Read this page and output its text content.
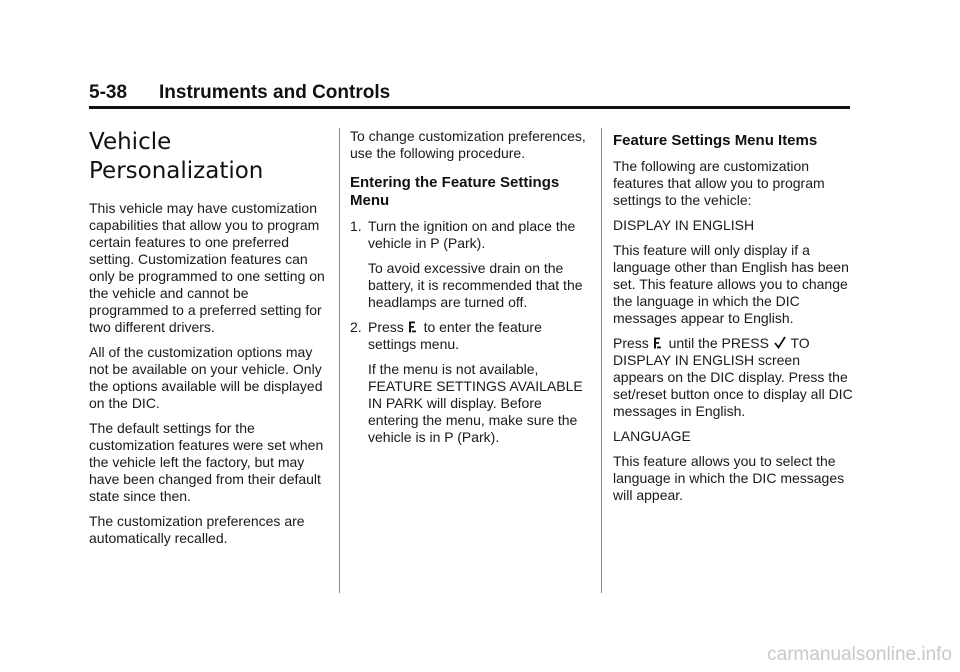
5-38 Instruments and Controls
Vehicle
Personalization

This vehicle may have customization capabilities that allow you to program certain features to one preferred setting. Customization features can only be programmed to one setting on the vehicle and cannot be programmed to a preferred setting for two different drivers.

All of the customization options may not be available on your vehicle. Only the options available will be displayed on the DIC.

The default settings for the customization features were set when the vehicle left the factory, but may have been changed from their default state since then.

The customization preferences are automatically recalled.

To change customization preferences, use the following procedure.

Entering the Feature Settings Menu
1. Turn the ignition on and place the vehicle in P (Park).

To avoid excessive drain on the battery, it is recommended that the headlamps are turned off.

2. Press to enter the feature settings menu.

If the menu is not available, FEATURE SETTINGS AVAILABLE IN PARK will display. Before entering the menu, make sure the vehicle is in P (Park).

Feature Settings Menu Items

The following are customization features that allow you to program settings to the vehicle:

DISPLAY IN ENGLISH

This feature will only display if a language other than English has been set. This feature allows you to change the language in which the DIC messages appear to English.

Press until the PRESS TO DISPLAY IN ENGLISH screen appears on the DIC display. Press the set/reset button once to display all DIC messages in English.

LANGUAGE

This feature allows you to select the language in which the DIC messages will appear.

carmanualsonline.info
